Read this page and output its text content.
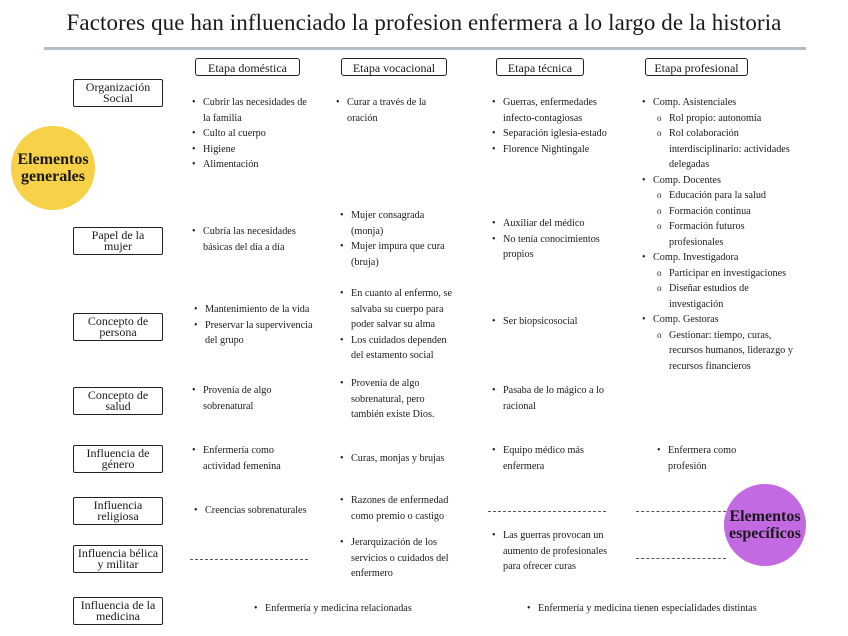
Factores que han influenciado la profesion enfermera a lo largo de la historia
Etapa doméstica	Etapa vocacional	Etapa técnica	Etapa profesional
Organización Social
Papel de la mujer
Concepto de persona
Concepto de salud
Influencia de género
Influencia religiosa
Influencia bélica y militar
Influencia de la medicina
Elementos generales
Elementos específicos
• Cubrir las necesidades de la familia
• Culto al cuerpo
• Higiene
• Alimentación
• Curar a través de la oración
• Guerras, enfermedades infecto-contagiosas
• Separación iglesia-estado
• Florence Nightingale
• Comp. Asistenciales
o Rol propio: autonomía
o Rol colaboración interdisciplinario: actividades delegadas
• Comp. Docentes
o Educación para la salud
o Formación continua
o Formación futuros profesionales
• Comp. Investigadora
o Participar en investigaciones
o Diseñar estudios de investigación
• Comp. Gestoras
o Gestionar: tiempo, curas, recursos humanos, liderazgo y recursos financieros
• Cubría las necesidades básicas del día a día
• Mujer consagrada (monja)
• Mujer impura que cura (bruja)
• Auxiliar del médico
• No tenía conocimientos propios
• Mantenimiento de la vida
• Preservar la supervivencia del grupo
• En cuanto al enfermo, se salvaba su cuerpo para poder salvar su alma
• Los cuidados dependen del estamento social
• Ser biopsicosocial
• Provenía de algo sobrenatural
• Provenía de algo sobrenatural, pero también existe Dios.
• Pasaba de lo mágico a lo racional
• Enfermería como actividad femenina
• Curas, monjas y brujas
• Equipo médico más enfermera
• Enfermera como profesión
• Creencias sobrenaturales
• Razones de enfermedad como premio o castigo
• Jerarquización de los servicios o cuidados del enfermero
• Las guerras provocan un aumento de profesionales para ofrecer curas
• Enfermería y medicina relacionadas
•	Enfermería y medicina tienen especialidades distintas
